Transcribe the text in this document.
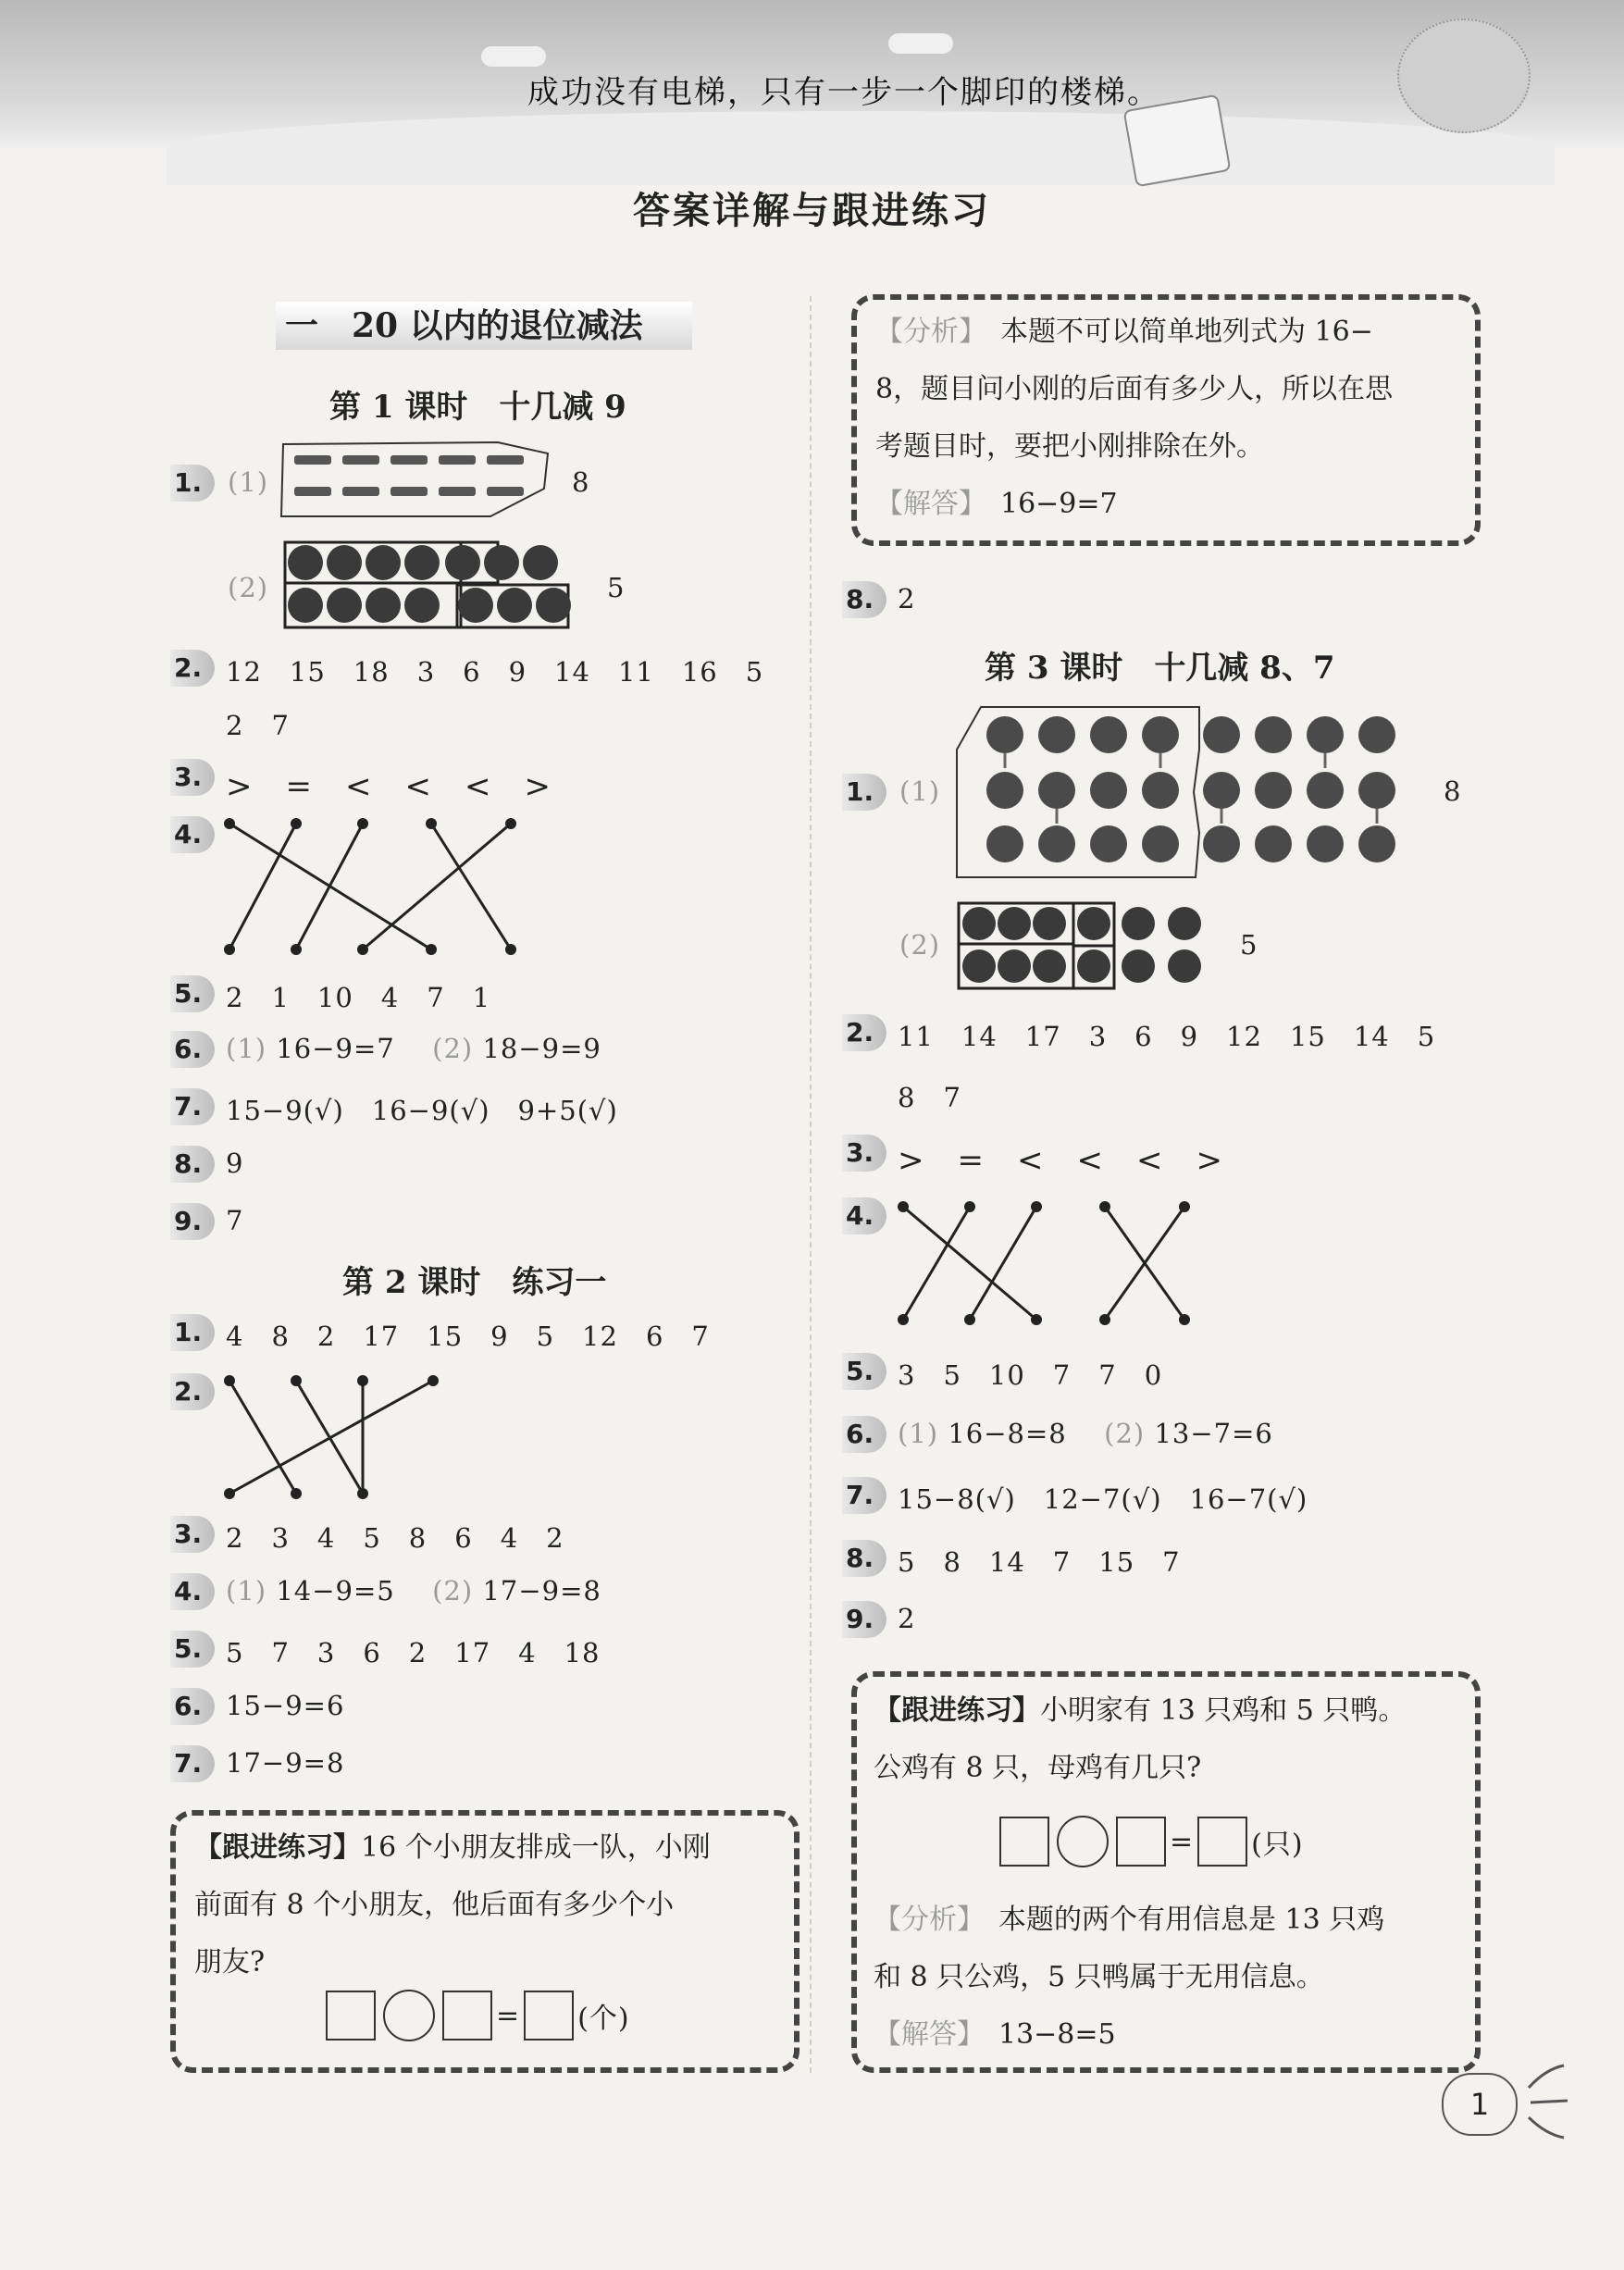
成功没有电梯，只有一步一个脚印的楼梯。
答案详解与跟进练习
一　20 以内的退位减法
第 1 课时　十几减 9
1. (1)	8
(2)	5
2. 12　15　18　3　6　9　14　11　16　5
2　7
3. >　=　<　<　<　>
4.
5. 2　1　10　4　7　1
6. (1) 16−9=7 (2) 18−9=9
7. 15−9(√)　16−9(√)　9+5(√)
8. 9
9. 7
第 2 课时　练习一
1. 4　8　2　17　15　9　5　12　6　7
2.
3. 2　3　4　5　8　6　4　2
4. (1) 14−9=5 (2) 17−9=8
5. 5　7　3　6　2　17　4　18
6. 15−9=6
7. 17−9=8
【跟进练习】16 个小朋友排成一队，小刚
前面有 8 个小朋友，他后面有多少个小
朋友?
= (个)
【分析】　 本题不可以简单地列式为 16−
8，题目问小刚的后面有多少人，所以在思
考题目时，要把小刚排除在外。
【解答】　 16−9=7
8. 2
第 3 课时　十几减 8、7
1. (1)	8
(2)	5
2. 11　14　17　3　6　9　12　15　14　5
8　7
3. >　=　<　<　<　>
4.
5. 3　5　10　7　7　0
6. (1) 16−8=8 (2) 13−7=6
7. 15−8(√)　12−7(√)　16−7(√)
8. 5　8　14　7　15　7
9. 2
【跟进练习】小明家有 13 只鸡和 5 只鸭。
公鸡有 8 只，母鸡有几只?
= (只)
【分析】　 本题的两个有用信息是 13 只鸡
和 8 只公鸡，5 只鸭属于无用信息。
【解答】　 13−8=5
1
